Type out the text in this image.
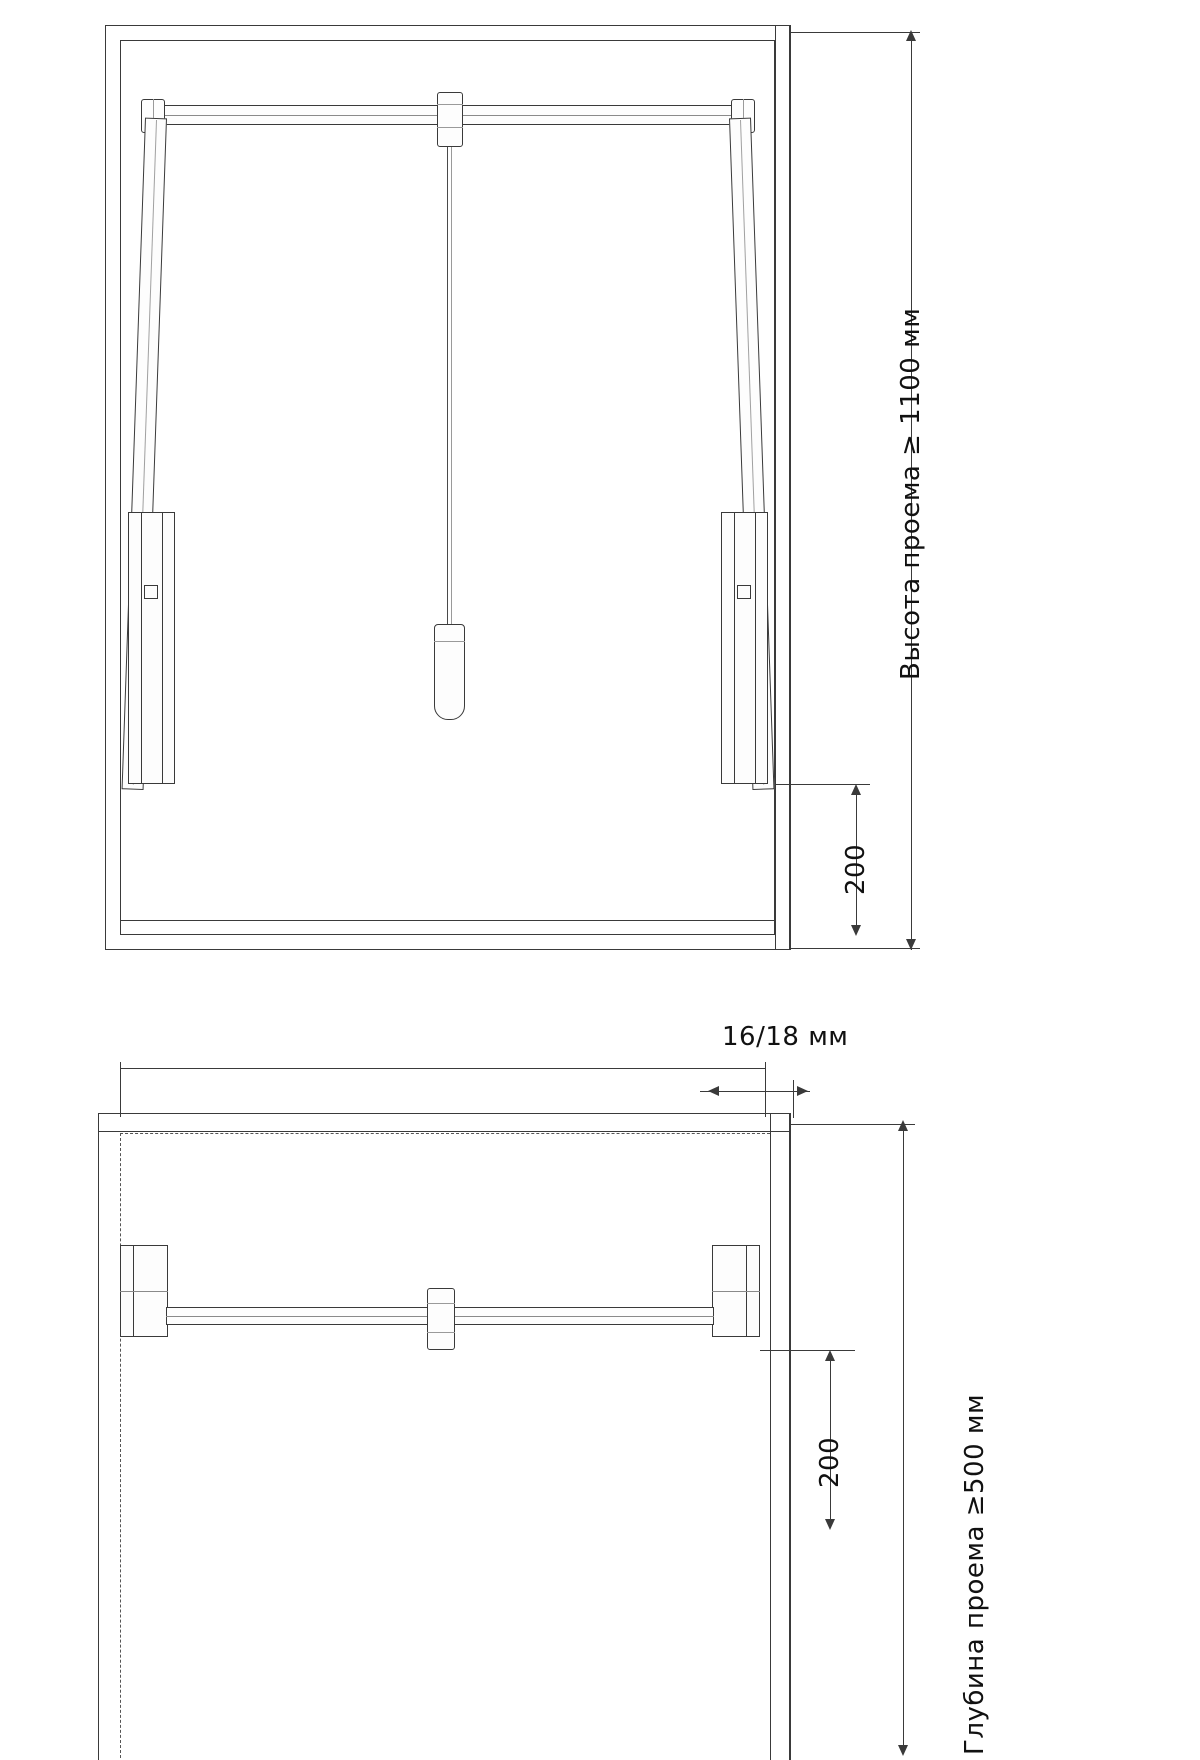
Высота проема ≥ 1100 мм
200
16/18 мм
Глубина проема ≥500 мм
200
